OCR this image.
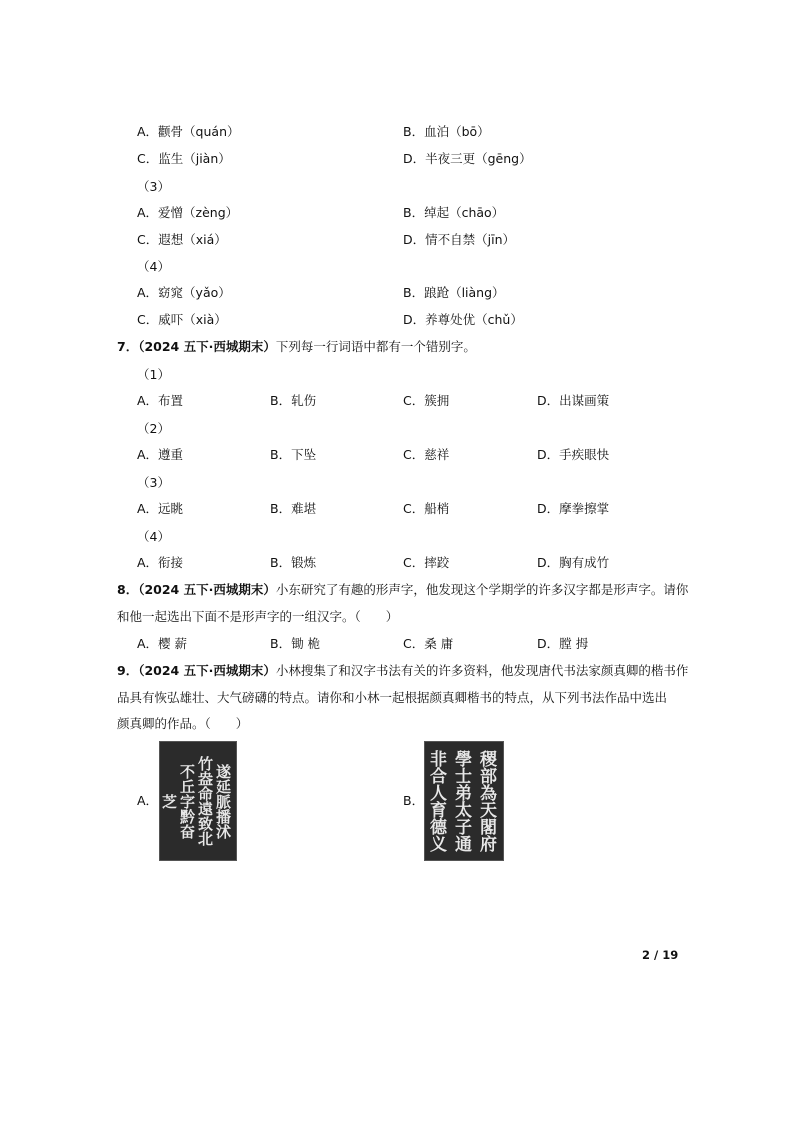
A．颧骨（quán）	B．血泊（bō）
C．监生（jiàn）	D．半夜三更（gēng）
（3）
A．爱憎（zèng）	B．绰起（chāo）
C．遐想（xiá）	D．情不自禁（jīn）
（4）
A．窈窕（yǎo）	B．踉跄（liàng）
C．威吓（xià）	D．养尊处优（chǔ）
7．（2024 五下·西城期末）下列每一行词语中都有一个错别字。
（1）
A．布置	B．轧伤	C．簇拥	D．出谋画策
（2）
A．遵重	B．下坠	C．慈祥	D．手疾眼快
（3）
A．远眺	B．难堪	C．船梢	D．摩拳擦掌
（4）
A．衔接	B．锻炼	C．摔跤	D．胸有成竹
8．（2024 五下·西城期末）小东研究了有趣的形声字，他发现这个学期学的许多汉字都是形声字。请你
和他一起选出下面不是形声字的一组汉字。（　　）
A．樱 薪	B．锄 桅	C．桑 庸	D．膛 拇
9．（2024 五下·西城期末）小林搜集了和汉字书法有关的许多资料，他发现唐代书法家颜真卿的楷书作
品具有恢弘雄壮、大气磅礴的特点。请你和小林一起根据颜真卿楷书的特点，从下列书法作品中选出
颜真卿的作品。（　　）
A．	遂延脈播沭
竹盎命遠致北
不丘字黔奋
芝	B．	稷部為天閣府
學士弟太子通
非合人育德义
2 / 19
